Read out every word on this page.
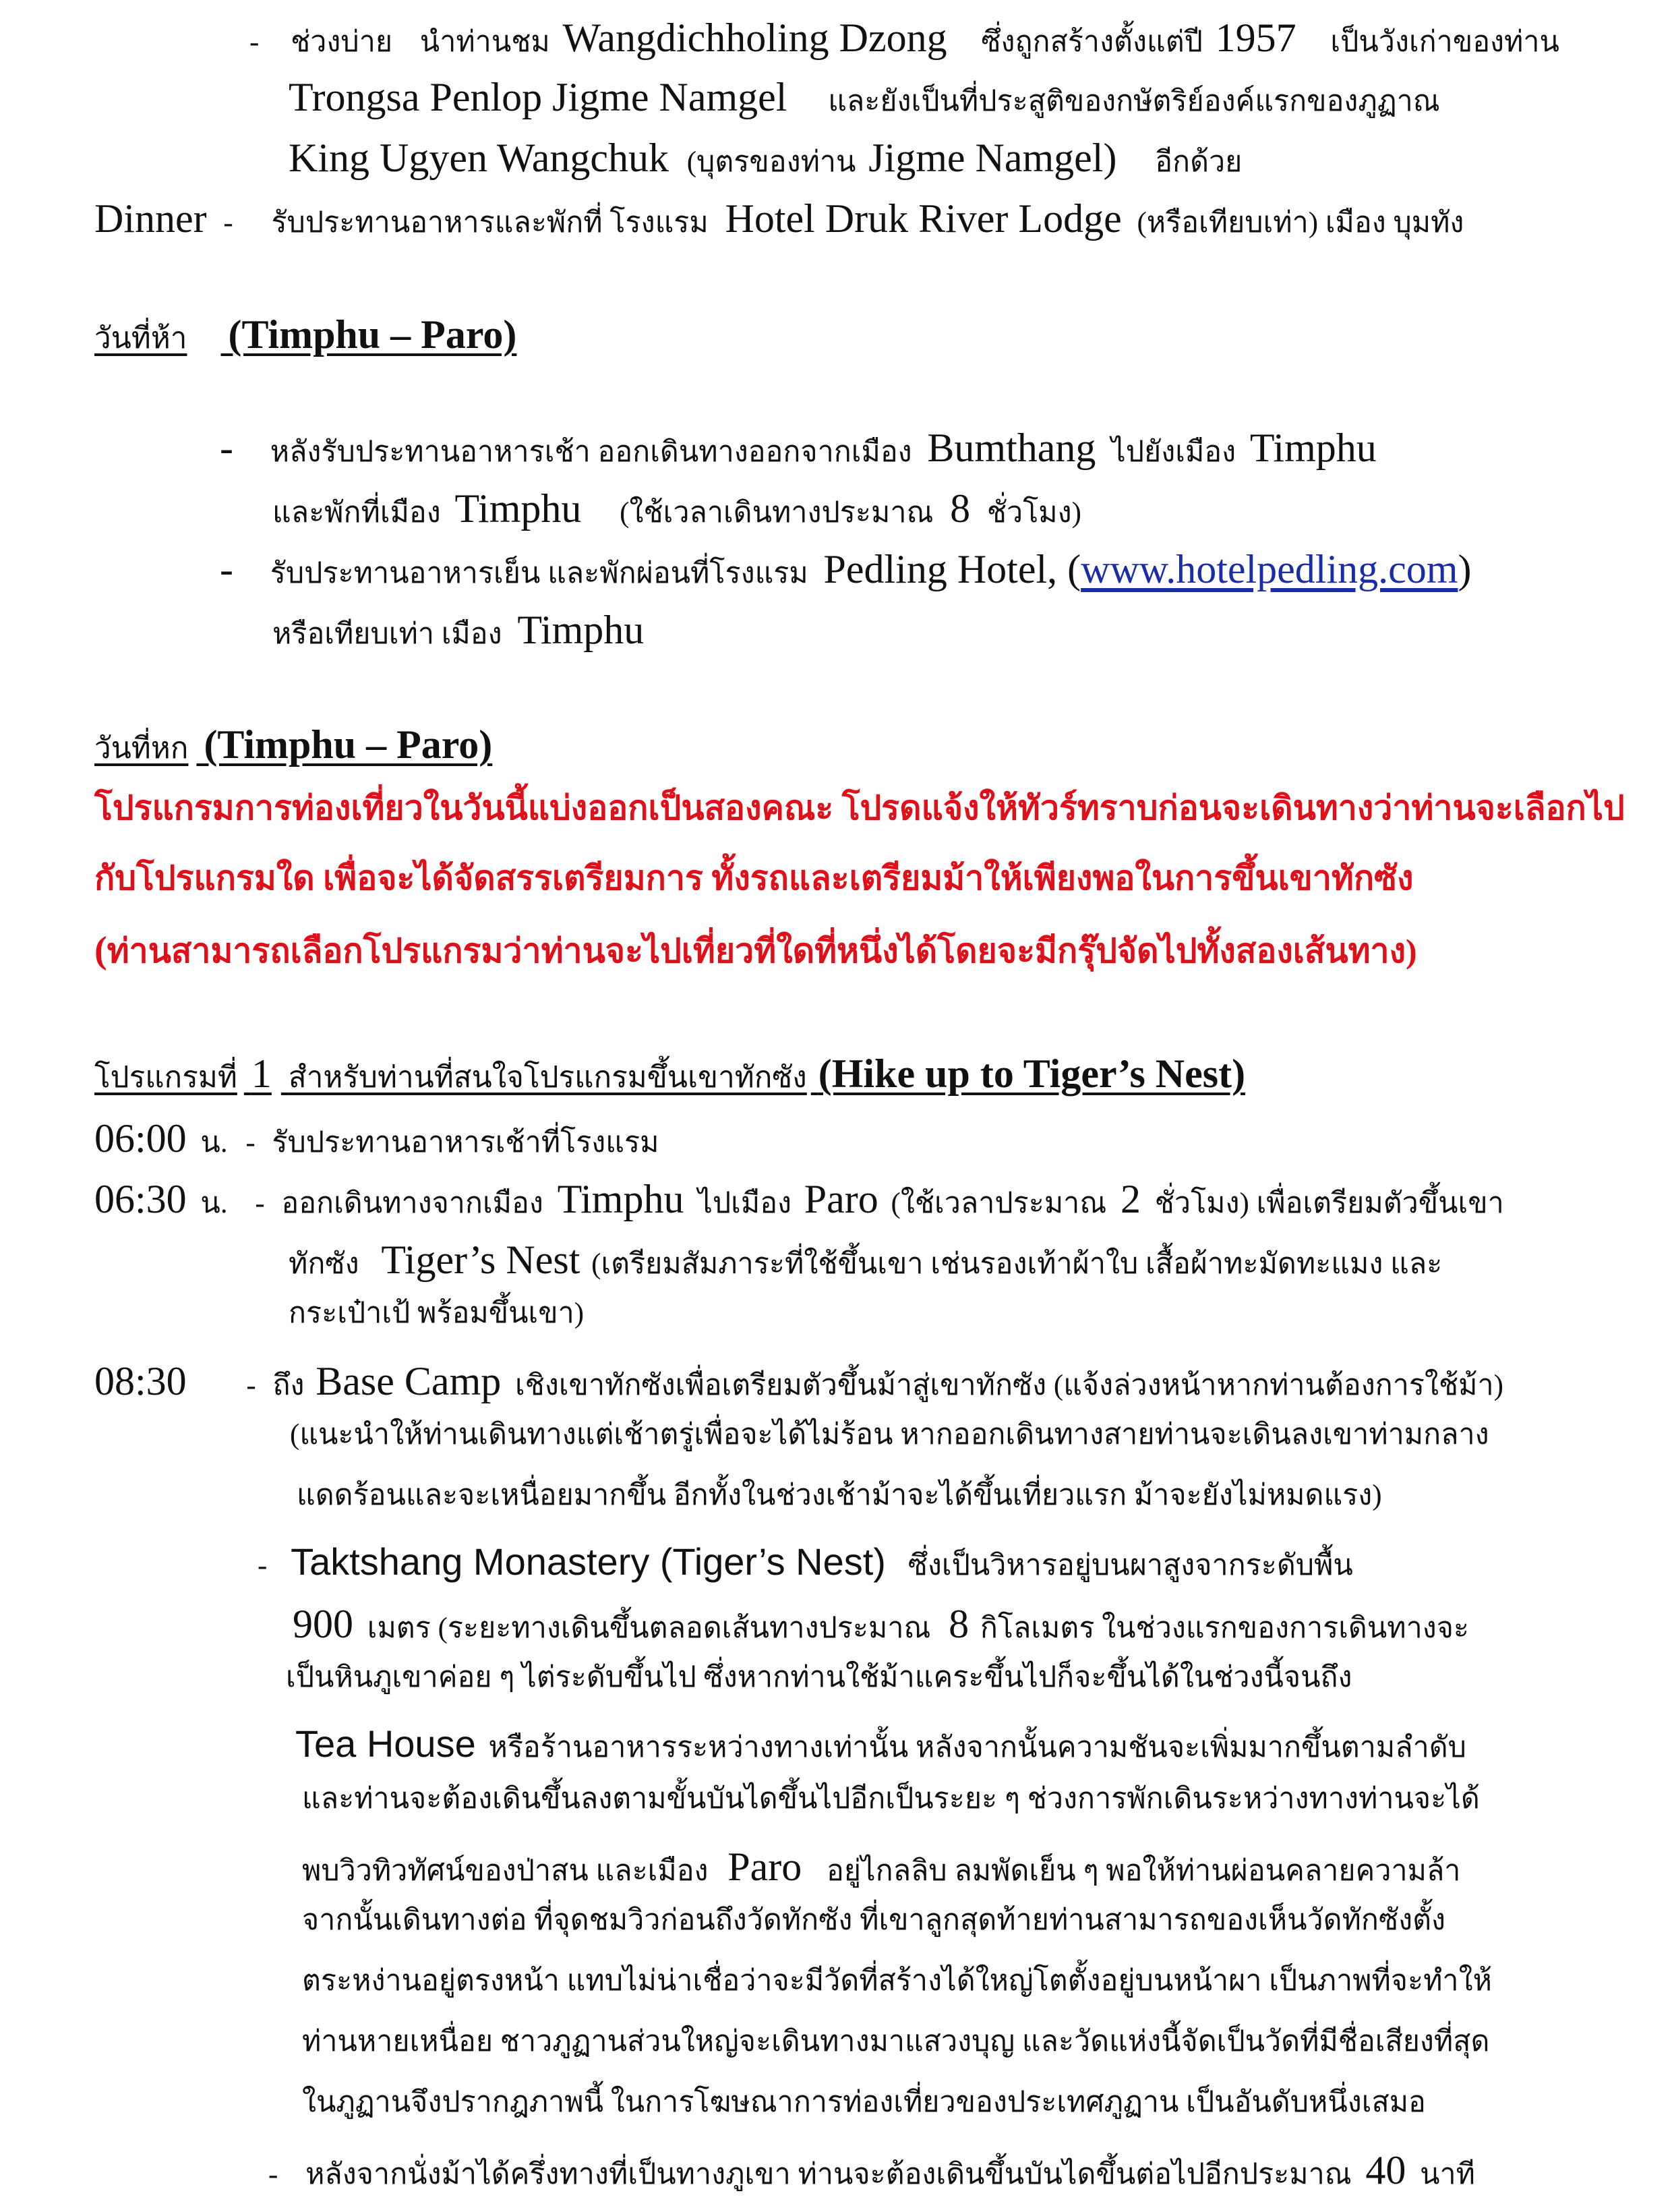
- ช่วงบ่าย นำท่านชม Wangdichholing Dzong ซึ่งถูกสร้างตั้งแต่ปี 1957 เป็นวังเก่าของท่าน
Trongsa Penlop Jigme Namgel และยังเป็นที่ประสูติของกษัตริย์องค์แรกของภูฏาณ
King Ugyen Wangchuk (บุตรของท่าน Jigme Namgel) อีกด้วย
Dinner - รับประทานอาหารและพักที่ โรงแรม Hotel Druk River Lodge (หรือเทียบเท่า) เมือง บุมทัง
วันที่ห้า (Timphu – Paro)
- หลังรับประทานอาหารเช้า ออกเดินทางออกจากเมือง Bumthang ไปยังเมือง Timphu
และพักที่เมือง Timphu (ใช้เวลาเดินทางประมาณ 8 ชั่วโมง)
- รับประทานอาหารเย็น และพักผ่อนที่โรงแรม Pedling Hotel, (www.hotelpedling.com)
หรือเทียบเท่า เมือง Timphu
วันที่หก (Timphu – Paro)
โปรแกรมการท่องเที่ยวในวันนี้แบ่งออกเป็นสองคณะ โปรดแจ้งให้ทัวร์ทราบก่อนจะเดินทางว่าท่านจะเลือกไป
กับโปรแกรมใด เพื่อจะได้จัดสรรเตรียมการ ทั้งรถและเตรียมม้าให้เพียงพอในการขึ้นเขาทักซัง
(ท่านสามารถเลือกโปรแกรมว่าท่านจะไปเที่ยวที่ใดที่หนึ่งได้โดยจะมีกรุ๊ปจัดไปทั้งสองเส้นทาง)
โปรแกรมที่ 1 สำหรับท่านที่สนใจโปรแกรมขึ้นเขาทักซัง (Hike up to Tiger’s Nest)
06:00 น. - รับประทานอาหารเช้าที่โรงแรม
06:30 น. - ออกเดินทางจากเมือง Timphu ไปเมือง Paro (ใช้เวลาประมาณ 2 ชั่วโมง) เพื่อเตรียมตัวขึ้นเขา
ทักซัง Tiger’s Nest (เตรียมสัมภาระที่ใช้ขึ้นเขา เช่นรองเท้าผ้าใบ เสื้อผ้าทะมัดทะแมง และ
กระเป๋าเป้ พร้อมขึ้นเขา)
08:30 - ถึง Base Camp เชิงเขาทักซังเพื่อเตรียมตัวขึ้นม้าสู่เขาทักซัง (แจ้งล่วงหน้าหากท่านต้องการใช้ม้า)
(แนะนำให้ท่านเดินทางแต่เช้าตรู่เพื่อจะได้ไม่ร้อน หากออกเดินทางสายท่านจะเดินลงเขาท่ามกลาง
แดดร้อนและจะเหนื่อยมากขึ้น อีกทั้งในช่วงเช้าม้าจะได้ขึ้นเที่ยวแรก ม้าจะยังไม่หมดแรง)
- Taktshang Monastery (Tiger’s Nest) ซึ่งเป็นวิหารอยู่บนผาสูงจากระดับพื้น
900 เมตร (ระยะทางเดินขึ้นตลอดเส้นทางประมาณ 8 กิโลเมตร ในช่วงแรกของการเดินทางจะ
เป็นหินภูเขาค่อย ๆ ไต่ระดับขึ้นไป ซึ่งหากท่านใช้ม้าแคระขึ้นไปก็จะขึ้นได้ในช่วงนี้จนถึง
Tea House หรือร้านอาหารระหว่างทางเท่านั้น หลังจากนั้นความชันจะเพิ่มมากขึ้นตามลำดับ
และท่านจะต้องเดินขึ้นลงตามขั้นบันไดขึ้นไปอีกเป็นระยะ ๆ ช่วงการพักเดินระหว่างทางท่านจะได้
พบวิวทิวทัศน์ของป่าสน และเมือง Paro อยู่ไกลลิบ ลมพัดเย็น ๆ พอให้ท่านผ่อนคลายความล้า
จากนั้นเดินทางต่อ ที่จุดชมวิวก่อนถึงวัดทักซัง ที่เขาลูกสุดท้ายท่านสามารถของเห็นวัดทักซังตั้ง
ตระหง่านอยู่ตรงหน้า แทบไม่น่าเชื่อว่าจะมีวัดที่สร้างได้ใหญ่โตตั้งอยู่บนหน้าผา เป็นภาพที่จะทำให้
ท่านหายเหนื่อย ชาวภูฏานส่วนใหญ่จะเดินทางมาแสวงบุญ และวัดแห่งนี้จัดเป็นวัดที่มีชื่อเสียงที่สุด
ในภูฏานจึงปรากฎภาพนี้ ในการโฆษณาการท่องเที่ยวของประเทศภูฏาน เป็นอันดับหนึ่งเสมอ
- หลังจากนั่งม้าได้ครึ่งทางที่เป็นทางภูเขา ท่านจะต้องเดินขึ้นบันไดขึ้นต่อไปอีกประมาณ 40 นาที
